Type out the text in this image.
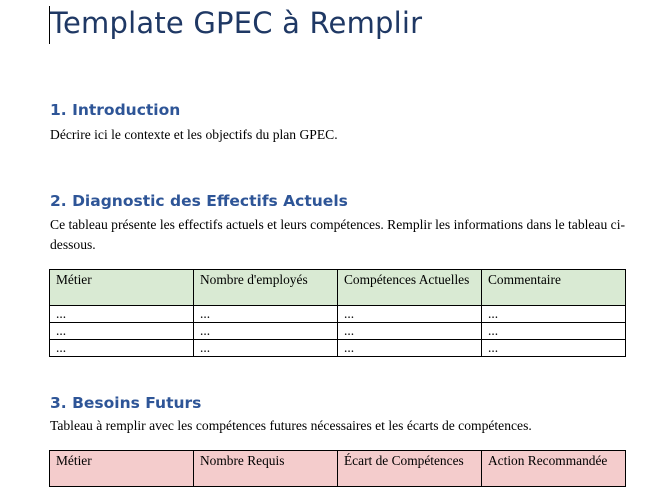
Template GPEC à Remplir
1. Introduction
Décrire ici le contexte et les objectifs du plan GPEC.
2. Diagnostic des Effectifs Actuels
Ce tableau présente les effectifs actuels et leurs compétences. Remplir les informations dans le tableau ci-dessous.
Métier	Nombre d'employés	Compétences Actuelles	Commentaire
...	...	...	...
...	...	...	...
...	...	...	...
3. Besoins Futurs
Tableau à remplir avec les compétences futures nécessaires et les écarts de compétences.
Métier	Nombre Requis	Écart de Compétences	Action Recommandée
